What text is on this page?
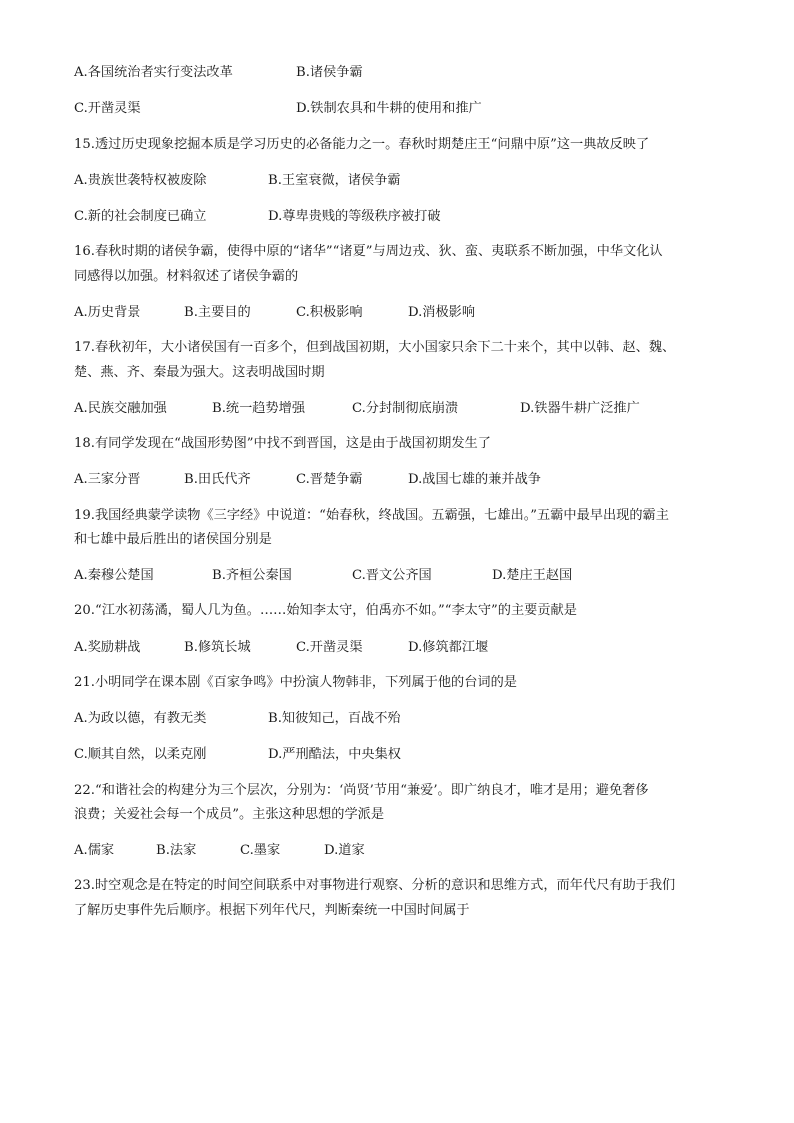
A.各国统治者实行变法改革	B.诸侯争霸
C.开凿灵渠	D.铁制农具和牛耕的使用和推广
15.透过历史现象挖掘本质是学习历史的必备能力之一。春秋时期楚庄王“问鼎中原”这一典故反映了
A.贵族世袭特权被废除	B.王室衰微，诸侯争霸
C.新的社会制度已确立	D.尊卑贵贱的等级秩序被打破
16.春秋时期的诸侯争霸，使得中原的“诸华”“诸夏”与周边戎、狄、蛮、夷联系不断加强，中华文化认
同感得以加强。材料叙述了诸侯争霸的
A.历史背景	B.主要目的	C.积极影响	D.消极影响
17.春秋初年，大小诸侯国有一百多个，但到战国初期，大小国家只余下二十来个，其中以韩、赵、魏、
楚、燕、齐、秦最为强大。这表明战国时期
A.民族交融加强	B.统一趋势增强	C.分封制彻底崩溃	D.铁器牛耕广泛推广
18.有同学发现在“战国形势图”中找不到晋国，这是由于战国初期发生了
A.三家分晋	B.田氏代齐	C.晋楚争霸	D.战国七雄的兼并战争
19.我国经典蒙学读物《三字经》中说道：“始春秋，终战国。五霸强，七雄出。”五霸中最早出现的霸主
和七雄中最后胜出的诸侯国分别是
A.秦穆公楚国	B.齐桓公秦国	C.晋文公齐国	D.楚庄王赵国
20.“江水初荡潏，蜀人几为鱼。……始知李太守，伯禹亦不如。”“李太守”的主要贡献是
A.奖励耕战	B.修筑长城	C.开凿灵渠	D.修筑都江堰
21.小明同学在课本剧《百家争鸣》中扮演人物韩非，下列属于他的台词的是
A.为政以德，有教无类	B.知彼知己，百战不殆
C.顺其自然，以柔克刚	D.严刑酷法，中央集权
22.“和谐社会的构建分为三个层次，分别为：‘尚贤’节用“兼爱’。即广纳良才，唯才是用；避免奢侈
浪费；关爱社会每一个成员”。主张这种思想的学派是
A.儒家	B.法家	C.墨家	D.道家
23.时空观念是在特定的时间空间联系中对事物进行观察、分析的意识和思维方式，而年代尺有助于我们
了解历史事件先后顺序。根据下列年代尺，判断秦统一中国时间属于
